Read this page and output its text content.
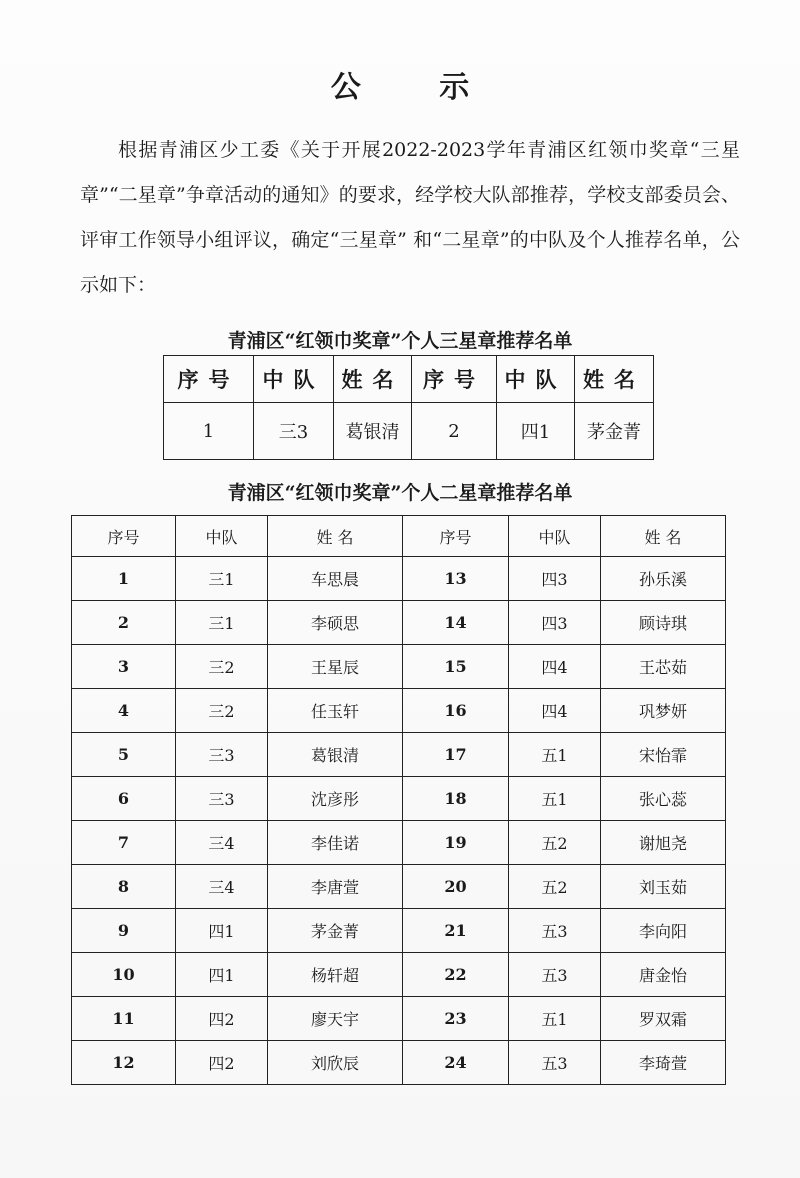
公 示
根据青浦区少工委《关于开展2022-2023学年青浦区红领巾奖章“三星章”“二星章”争章活动的通知》的要求，经学校大队部推荐，学校支部委员会、评审工作领导小组评议，确定“三星章” 和“二星章”的中队及个人推荐名单，公示如下：
青浦区“红领巾奖章”个人三星章推荐名单
序号	中队	姓名	序号	中队	姓名
1	三3	葛银清	2	四1	茅金菁
青浦区“红领巾奖章”个人二星章推荐名单
序号	中队	姓 名	序号	中队	姓 名
1	三1	车思晨	13	四3	孙乐溪
2	三1	李硕思	14	四3	顾诗琪
3	三2	王星辰	15	四4	王芯茹
4	三2	任玉轩	16	四4	巩梦妍
5	三3	葛银清	17	五1	宋怡霏
6	三3	沈彦彤	18	五1	张心蕊
7	三4	李佳诺	19	五2	谢旭尧
8	三4	李唐萱	20	五2	刘玉茹
9	四1	茅金菁	21	五3	李向阳
10	四1	杨轩超	22	五3	唐金怡
11	四2	廖天宇	23	五1	罗双霜
12	四2	刘欣辰	24	五3	李琦萱
